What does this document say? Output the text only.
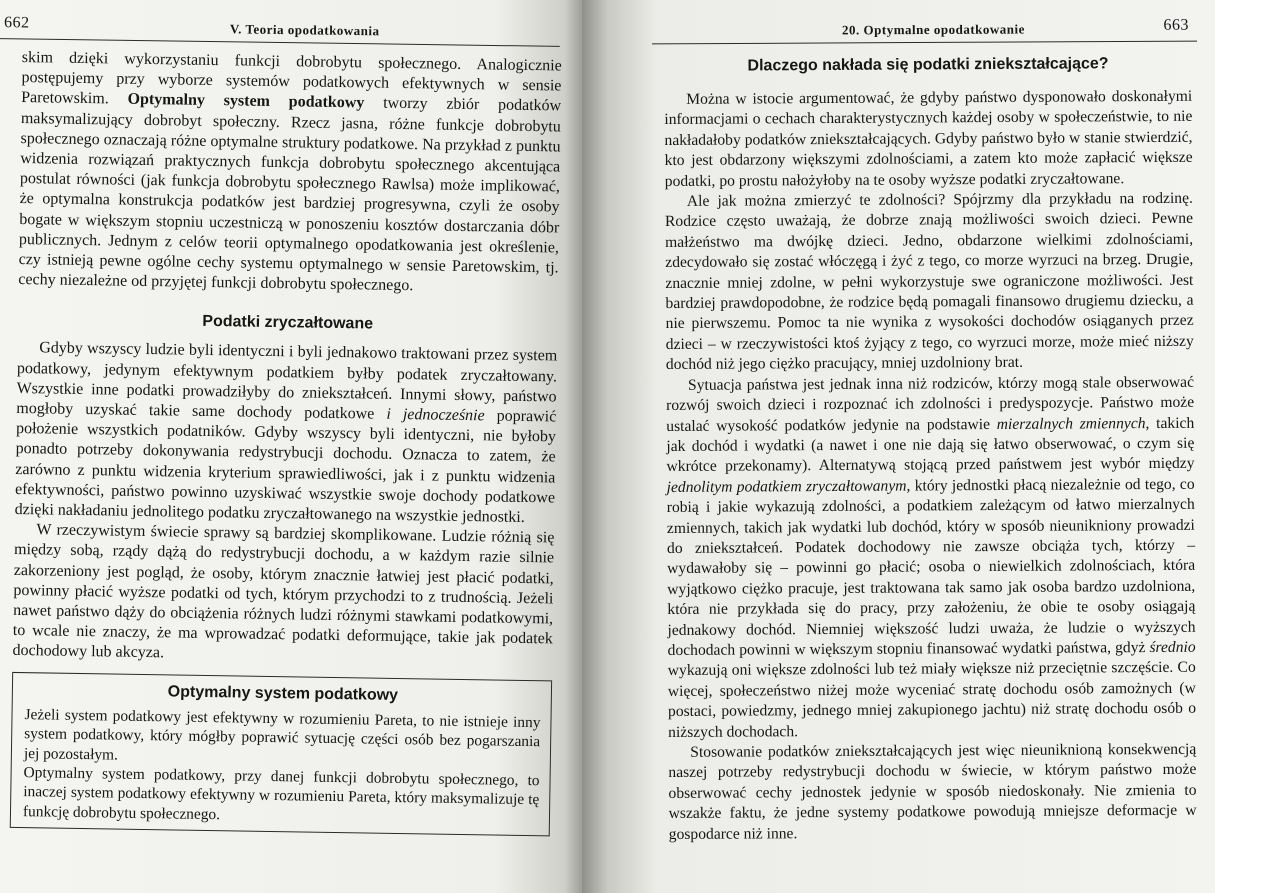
662	V. Teoria opodatkowania

skim dzięki wykorzystaniu funkcji dobrobytu społecznego. Analogicznie postępujemy przy wyborze systemów podatkowych efektywnych w sensie Paretowskim. Optymalny system podatkowy tworzy zbiór podatków maksymalizujący dobrobyt społeczny. Rzecz jasna, różne funkcje dobrobytu społecznego oznaczają różne optymalne struktury podatkowe. Na przykład z punktu widzenia rozwiązań praktycznych funkcja dobrobytu społecznego akcentująca postulat równości (jak funkcja dobrobytu społecznego Rawlsa) może implikować, że optymalna konstrukcja podatków jest bardziej progresywna, czyli że osoby bogate w większym stopniu uczestniczą w ponoszeniu kosztów dostarczania dóbr publicznych. Jednym z celów teorii optymalnego opodatkowania jest określenie, czy istnieją pewne ogólne cechy systemu optymalnego w sensie Paretowskim, tj. cechy niezależne od przyjętej funkcji dobrobytu społecznego.

Podatki zryczałtowane

Gdyby wszyscy ludzie byli identyczni i byli jednakowo traktowani przez system podatkowy, jedynym efektywnym podatkiem byłby podatek zryczałtowany. Wszystkie inne podatki prowadziłyby do zniekształceń. Innymi słowy, państwo mogłoby uzyskać takie same dochody podatkowe i jednocześnie poprawić położenie wszystkich podatników. Gdyby wszyscy byli identyczni, nie byłoby ponadto potrzeby dokonywania redystrybucji dochodu. Oznacza to zatem, że zarówno z punktu widzenia kryterium sprawiedliwości, jak i z punktu widzenia efektywności, państwo powinno uzyskiwać wszystkie swoje dochody podatkowe dzięki nakładaniu jednolitego podatku zryczałtowanego na wszystkie jednostki.

W rzeczywistym świecie sprawy są bardziej skomplikowane. Ludzie różnią się między sobą, rządy dążą do redystrybucji dochodu, a w każdym razie silnie zakorzeniony jest pogląd, że osoby, którym znacznie łatwiej jest płacić podatki, powinny płacić wyższe podatki od tych, którym przychodzi to z trudnością. Jeżeli nawet państwo dąży do obciążenia różnych ludzi różnymi stawkami podatkowymi, to wcale nie znaczy, że ma wprowadzać podatki deformujące, takie jak podatek dochodowy lub akcyza.

Optymalny system podatkowy

Jeżeli system podatkowy jest efektywny w rozumieniu Pareta, to nie istnieje inny system podatkowy, który mógłby poprawić sytuację części osób bez pogarszania jej pozostałym.

Optymalny system podatkowy, przy danej funkcji dobrobytu społecznego, to inaczej system podatkowy efektywny w rozumieniu Pareta, który maksymalizuje tę funkcję dobrobytu społecznego.

20. Optymalne opodatkowanie	663
Dlaczego nakłada się podatki zniekształcające?

Można w istocie argumentować, że gdyby państwo dysponowało doskonałymi informacjami o cechach charakterystycznych każdej osoby w społeczeństwie, to nie nakładałoby podatków zniekształcających. Gdyby państwo było w stanie stwierdzić, kto jest obdarzony większymi zdolnościami, a zatem kto może zapłacić większe podatki, po prostu nałożyłoby na te osoby wyższe podatki zryczałtowane.

Ale jak można zmierzyć te zdolności? Spójrzmy dla przykładu na rodzinę. Rodzice często uważają, że dobrze znają możliwości swoich dzieci. Pewne małżeństwo ma dwójkę dzieci. Jedno, obdarzone wielkimi zdolnościami, zdecydowało się zostać włóczęgą i żyć z tego, co morze wyrzuci na brzeg. Drugie, znacznie mniej zdolne, w pełni wykorzystuje swe ograniczone możliwości. Jest bardziej prawdopodobne, że rodzice będą pomagali finansowo drugiemu dziecku, a nie pierwszemu. Pomoc ta nie wynika z wysokości dochodów osiąganych przez dzieci – w rzeczywistości ktoś żyjący z tego, co wyrzuci morze, może mieć niższy dochód niż jego ciężko pracujący, mniej uzdolniony brat.

Sytuacja państwa jest jednak inna niż rodziców, którzy mogą stale obserwować rozwój swoich dzieci i rozpoznać ich zdolności i predyspozycje. Państwo może ustalać wysokość podatków jedynie na podstawie mierzalnych zmiennych, takich jak dochód i wydatki (a nawet i one nie dają się łatwo obserwować, o czym się wkrótce przekonamy). Alternatywą stojącą przed państwem jest wybór między jednolitym podatkiem zryczałtowanym, który jednostki płacą niezależnie od tego, co robią i jakie wykazują zdolności, a podatkiem zależącym od łatwo mierzalnych zmiennych, takich jak wydatki lub dochód, który w sposób nieunikniony prowadzi do zniekształceń. Podatek dochodowy nie zawsze obciąża tych, którzy – wydawałoby się – powinni go płacić; osoba o niewielkich zdolnościach, która wyjątkowo ciężko pracuje, jest traktowana tak samo jak osoba bardzo uzdolniona, która nie przykłada się do pracy, przy założeniu, że obie te osoby osiągają jednakowy dochód. Niemniej większość ludzi uważa, że ludzie o wyższych dochodach powinni w większym stopniu finansować wydatki państwa, gdyż średnio wykazują oni większe zdolności lub też miały większe niż przeciętnie szczęście. Co więcej, społeczeństwo niżej może wyceniać stratę dochodu osób zamożnych (w postaci, powiedzmy, jednego mniej zakupionego jachtu) niż stratę dochodu osób o niższych dochodach.

Stosowanie podatków zniekształcających jest więc nieuniknioną konsekwencją naszej potrzeby redystrybucji dochodu w świecie, w którym państwo może obserwować cechy jednostek jedynie w sposób niedoskonały. Nie zmienia to wszakże faktu, że jedne systemy podatkowe powodują mniejsze deformacje w gospodarce niż inne.
